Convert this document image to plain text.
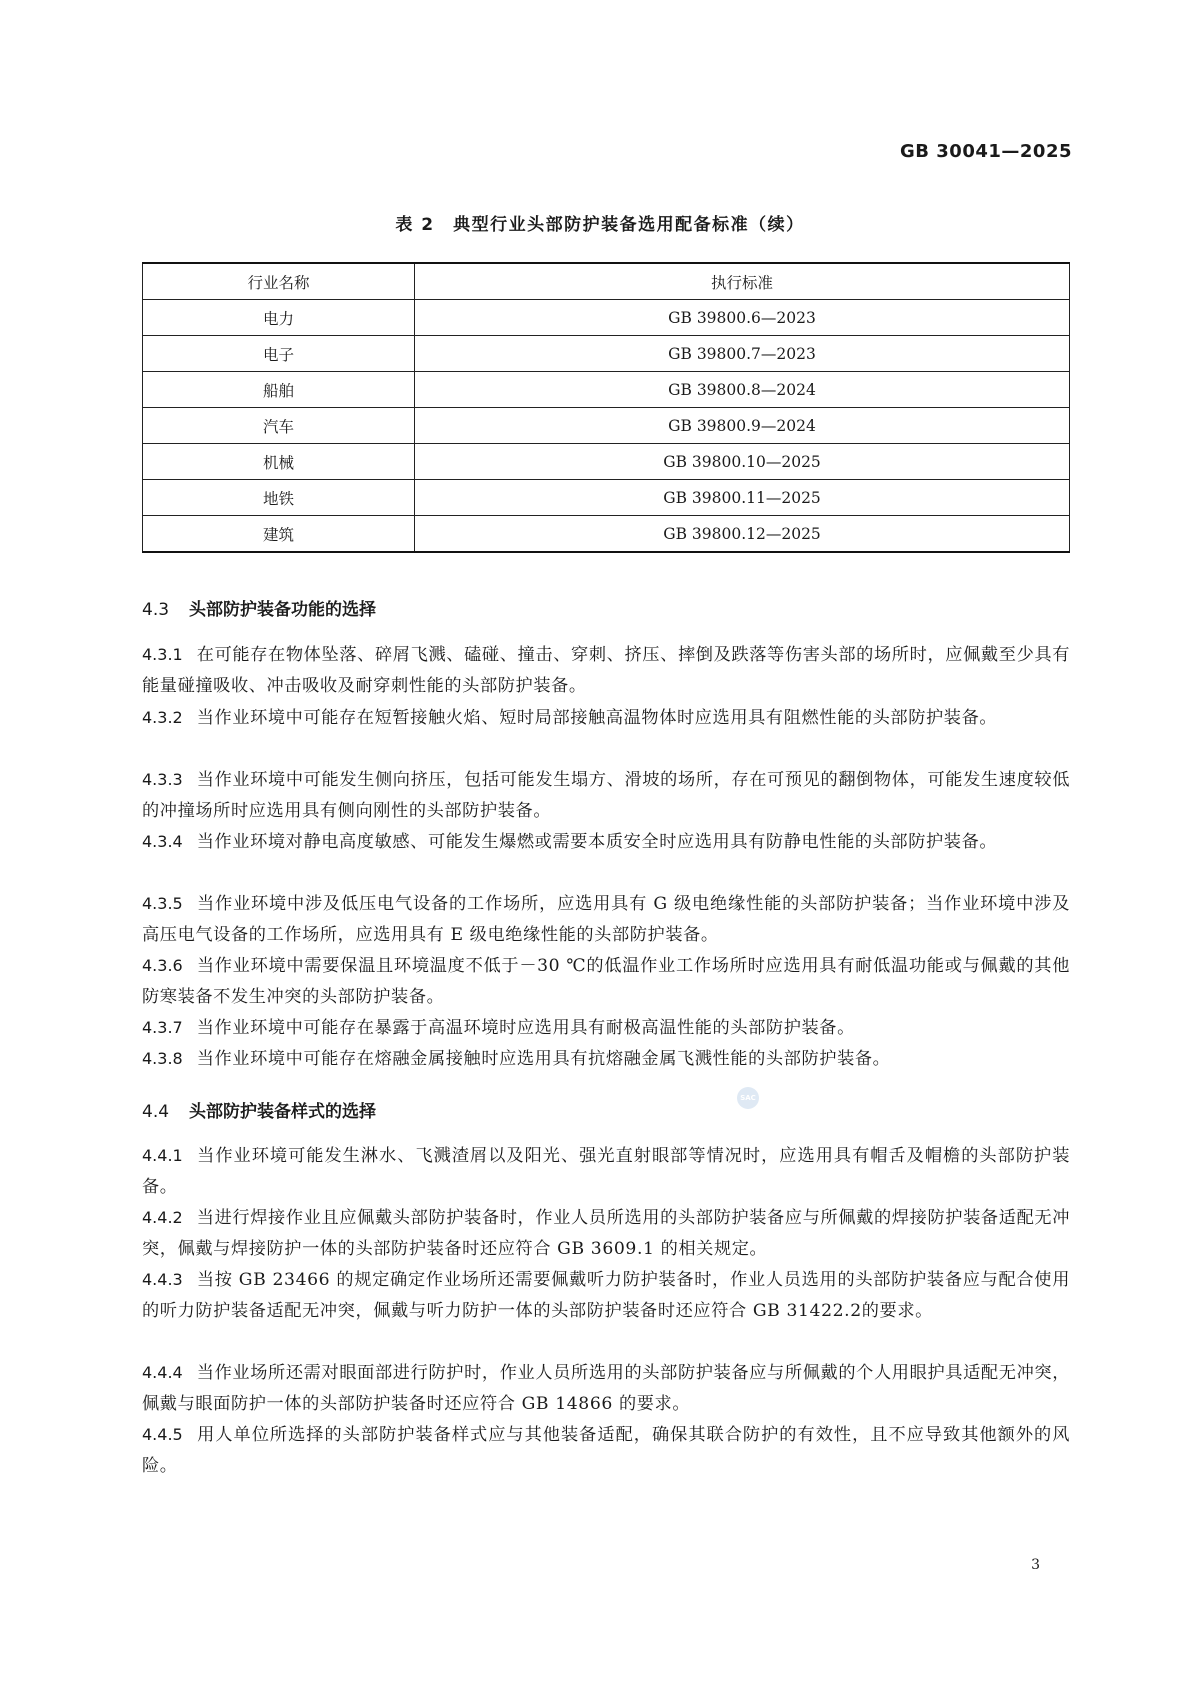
GB 30041—2025
表 2　典型行业头部防护装备选用配备标准（续）
行业名称	执行标准
电力	GB 39800.6—2023
电子	GB 39800.7—2023
船舶	GB 39800.8—2024
汽车	GB 39800.9—2024
机械	GB 39800.10—2025
地铁	GB 39800.11—2025
建筑	GB 39800.12—2025
4.3 头部防护装备功能的选择
4.3.1 在可能存在物体坠落、碎屑飞溅、磕碰、撞击、穿刺、挤压、摔倒及跌落等伤害头部的场所时，应佩戴至少具有能量碰撞吸收、冲击吸收及耐穿刺性能的头部防护装备。
4.3.2 当作业环境中可能存在短暂接触火焰、短时局部接触高温物体时应选用具有阻燃性能的头部防护装备。
4.3.3 当作业环境中可能发生侧向挤压，包括可能发生塌方、滑坡的场所，存在可预见的翻倒物体，可能发生速度较低的冲撞场所时应选用具有侧向刚性的头部防护装备。
4.3.4 当作业环境对静电高度敏感、可能发生爆燃或需要本质安全时应选用具有防静电性能的头部防护装备。
4.3.5 当作业环境中涉及低压电气设备的工作场所，应选用具有 G 级电绝缘性能的头部防护装备；当作业环境中涉及高压电气设备的工作场所，应选用具有 E 级电绝缘性能的头部防护装备。
4.3.6 当作业环境中需要保温且环境温度不低于－30 ℃的低温作业工作场所时应选用具有耐低温功能或与佩戴的其他防寒装备不发生冲突的头部防护装备。
4.3.7 当作业环境中可能存在暴露于高温环境时应选用具有耐极高温性能的头部防护装备。
4.3.8 当作业环境中可能存在熔融金属接触时应选用具有抗熔融金属飞溅性能的头部防护装备。
4.4 头部防护装备样式的选择
4.4.1 当作业环境可能发生淋水、飞溅渣屑以及阳光、强光直射眼部等情况时，应选用具有帽舌及帽檐的头部防护装备。
4.4.2 当进行焊接作业且应佩戴头部防护装备时，作业人员所选用的头部防护装备应与所佩戴的焊接防护装备适配无冲突，佩戴与焊接防护一体的头部防护装备时还应符合 GB 3609.1 的相关规定。
4.4.3 当按 GB 23466 的规定确定作业场所还需要佩戴听力防护装备时，作业人员选用的头部防护装备应与配合使用的听力防护装备适配无冲突，佩戴与听力防护一体的头部防护装备时还应符合 GB 31422.2的要求。
4.4.4 当作业场所还需对眼面部进行防护时，作业人员所选用的头部防护装备应与所佩戴的个人用眼护具适配无冲突，佩戴与眼面防护一体的头部防护装备时还应符合 GB 14866 的要求。
4.4.5 用人单位所选择的头部防护装备样式应与其他装备适配，确保其联合防护的有效性，且不应导致其他额外的风险。
SAC
3
